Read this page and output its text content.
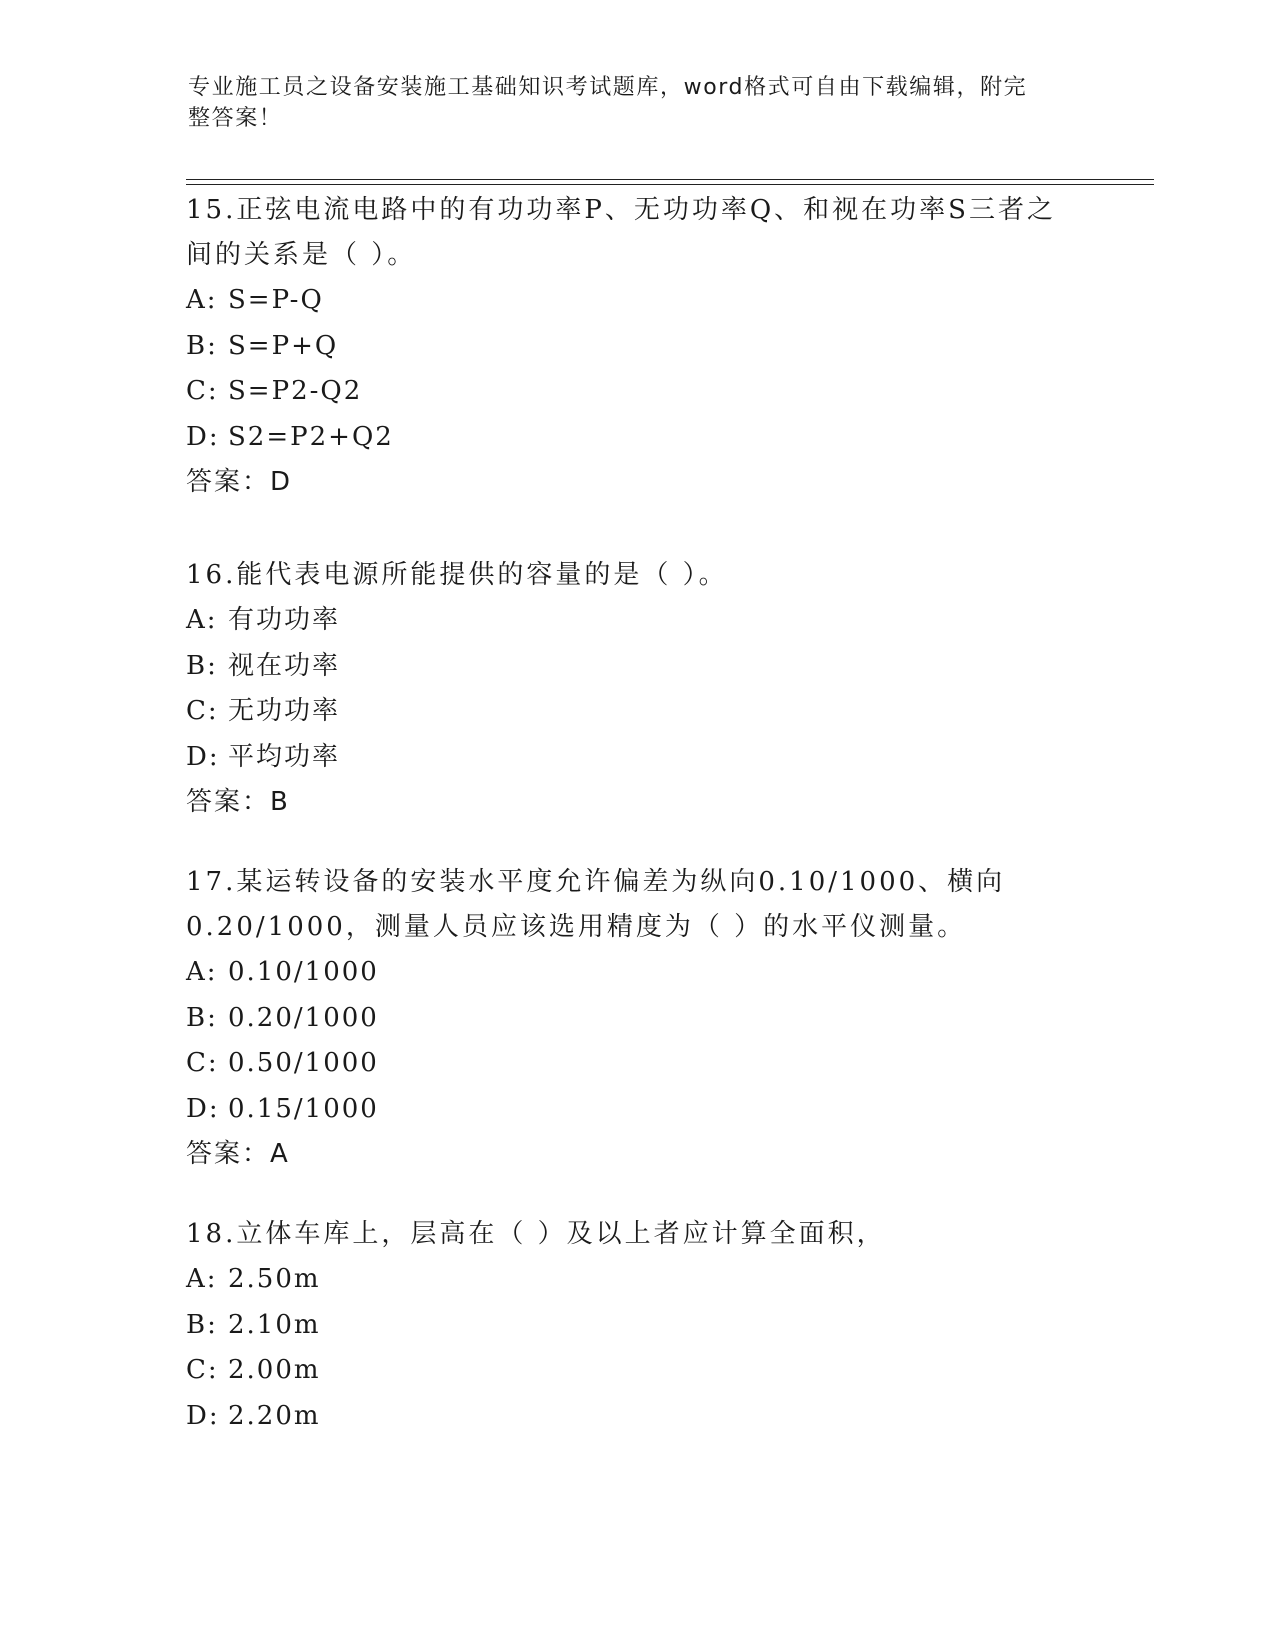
专业施工员之设备安装施工基础知识考试题库，word格式可自由下载编辑，附完
整答案！
15.正弦电流电路中的有功功率P、无功功率Q、和视在功率S三者之
间的关系是（ ）。
A: S=P-Q
B: S=P+Q
C: S=P2-Q2
D: S2=P2+Q2
答案：D
16.能代表电源所能提供的容量的是（ ）。
A: 有功功率
B: 视在功率
C: 无功功率
D: 平均功率
答案：B
17.某运转设备的安装水平度允许偏差为纵向0.10/1000、横向
0.20/1000，测量人员应该选用精度为（ ）的水平仪测量。
A: 0.10/1000
B: 0.20/1000
C: 0.50/1000
D: 0.15/1000
答案：A
18.立体车库上，层高在（ ）及以上者应计算全面积，
A: 2.50m
B: 2.10m
C: 2.00m
D: 2.20m
